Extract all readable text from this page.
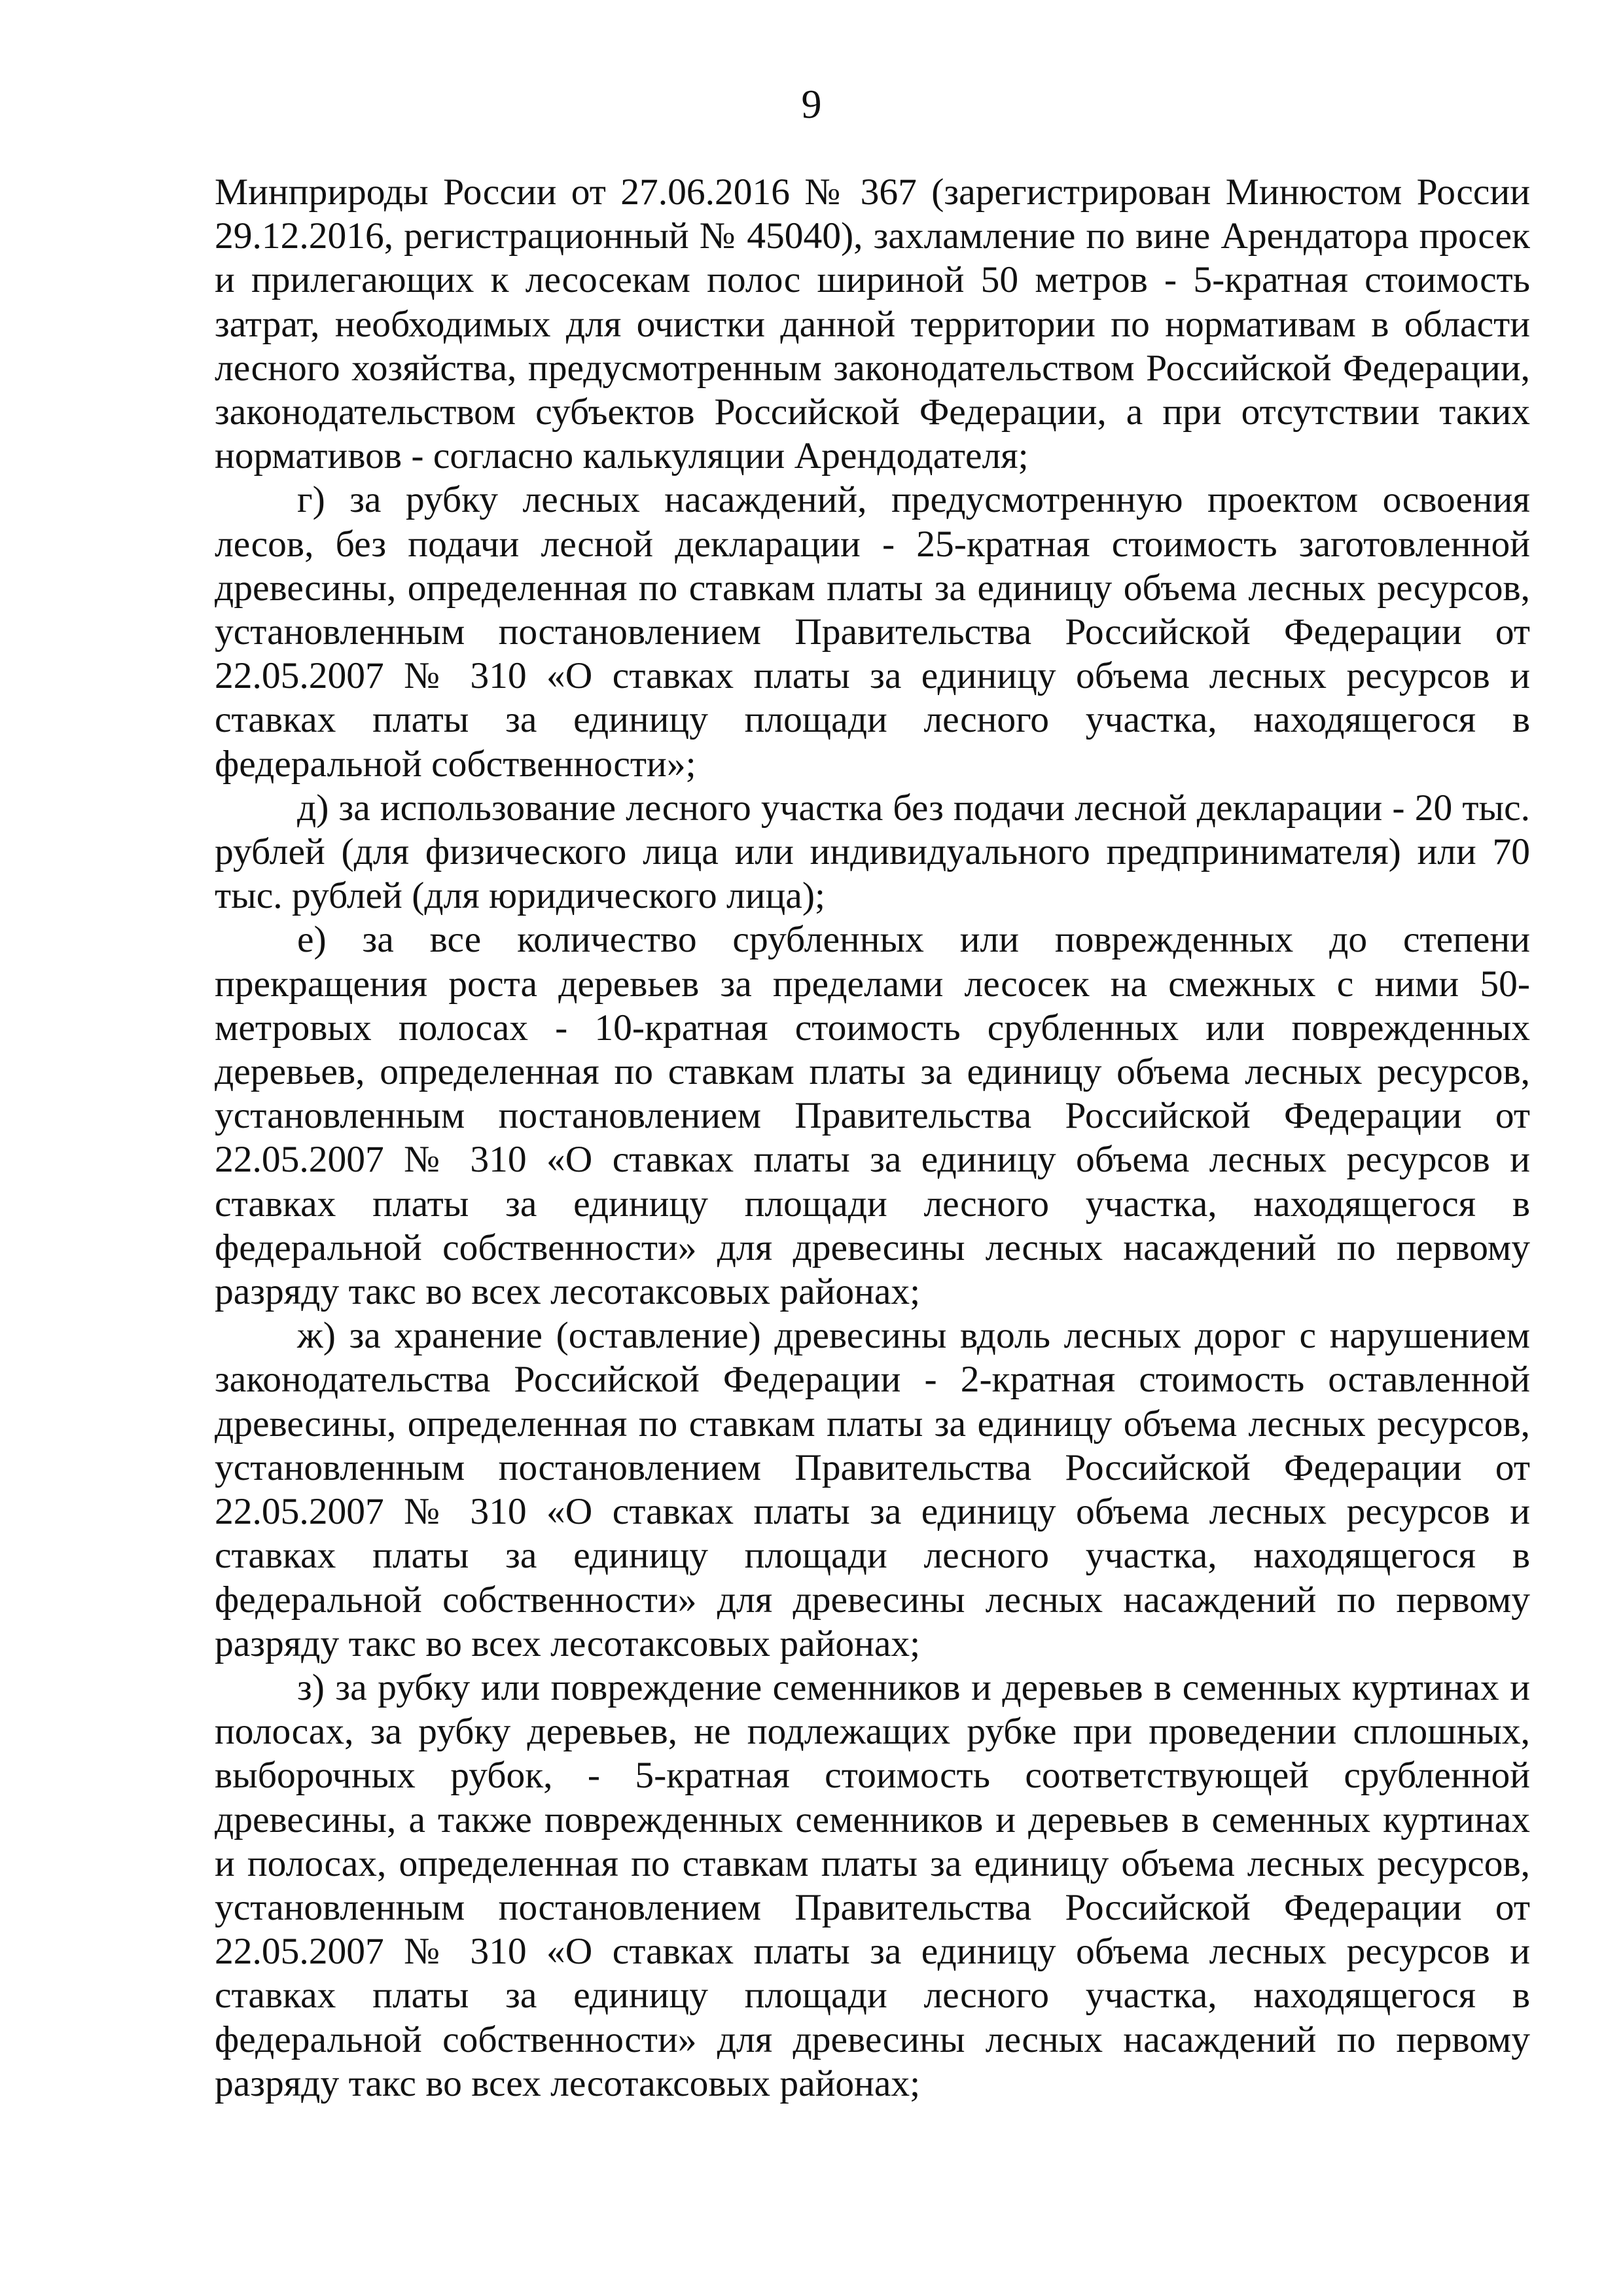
9

Минприроды России от 27.06.2016 № 367 (зарегистрирован Минюстом России 29.12.2016, регистрационный № 45040), захламление по вине Арендатора просек и прилегающих к лесосекам полос шириной 50 метров - 5-кратная стоимость затрат, необходимых для очистки данной территории по нормативам в области лесного хозяйства, предусмотренным законодательством Российской Федерации, законодательством субъектов Российской Федерации, а при отсутствии таких нормативов - согласно калькуляции Арендодателя;

г) за рубку лесных насаждений, предусмотренную проектом освоения лесов, без подачи лесной декларации - 25-кратная стоимость заготовленной древесины, определенная по ставкам платы за единицу объема лесных ресурсов, установленным постановлением Правительства Российской Федерации от 22.05.2007 № 310 «О ставках платы за единицу объема лесных ресурсов и ставках платы за единицу площади лесного участка, находящегося в федеральной собственности»;

д) за использование лесного участка без подачи лесной декларации - 20 тыс. рублей (для физического лица или индивидуального предпринимателя) или 70 тыс. рублей (для юридического лица);

е) за все количество срубленных или поврежденных до степени прекращения роста деревьев за пределами лесосек на смежных с ними 50-метровых полосах - 10-кратная стоимость срубленных или поврежденных деревьев, определенная по ставкам платы за единицу объема лесных ресурсов, установленным постановлением Правительства Российской Федерации от 22.05.2007 № 310 «О ставках платы за единицу объема лесных ресурсов и ставках платы за единицу площади лесного участка, находящегося в федеральной собственности» для древесины лесных насаждений по первому разряду такс во всех лесотаксовых районах;

ж) за хранение (оставление) древесины вдоль лесных дорог с нарушением законодательства Российской Федерации - 2-кратная стоимость оставленной древесины, определенная по ставкам платы за единицу объема лесных ресурсов, установленным постановлением Правительства Российской Федерации от 22.05.2007 № 310 «О ставках платы за единицу объема лесных ресурсов и ставках платы за единицу площади лесного участка, находящегося в федеральной собственности» для древесины лесных насаждений по первому разряду такс во всех лесотаксовых районах;

з) за рубку или повреждение семенников и деревьев в семенных куртинах и полосах, за рубку деревьев, не подлежащих рубке при проведении сплошных, выборочных рубок, - 5-кратная стоимость соответствующей срубленной древесины, а также поврежденных семенников и деревьев в семенных куртинах и полосах, определенная по ставкам платы за единицу объема лесных ресурсов, установленным постановлением Правительства Российской Федерации от 22.05.2007 № 310 «О ставках платы за единицу объема лесных ресурсов и ставках платы за единицу площади лесного участка, находящегося в федеральной собственности» для древесины лесных насаждений по первому разряду такс во всех лесотаксовых районах;
